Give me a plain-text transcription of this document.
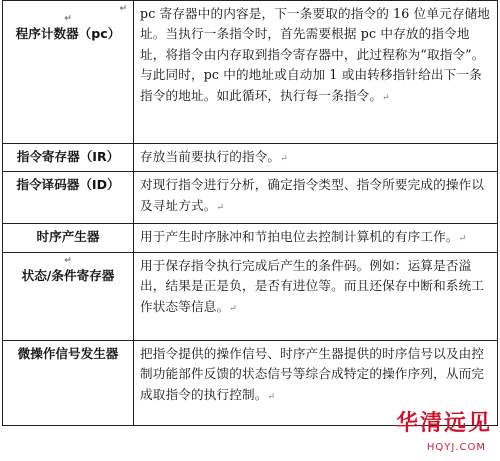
↵
↵
程序计数器（pc）	pc 寄存器中的内容是，下一条要取的指令的 16 位单元存储地址。当执行一条指令时，首先需要根据 pc 中存放的指令地址，将指令由内存取到指令寄存器中，此过程称为“取指令”。与此同时，pc 中的地址或自动加 1 或由转移指针给出下一条指令的地址。如此循环，执行每一条指令。↵
指令寄存器（IR）	存放当前要执行的指令。↵
指令译码器（ID）	对现行指令进行分析，确定指令类型、指令所要完成的操作以及寻址方式。↵
时序产生器	用于产生时序脉冲和节拍电位去控制计算机的有序工作。↵

↵
状态/条件寄存器	用于保存指令执行完成后产生的条件码。例如：运算是否溢出，结果是正是负，是否有进位等。而且还保存中断和系统工作状态等信息。↵
微操作信号发生器	把指令提供的操作信号、时序产生器提供的时序信号以及由控制功能部件反馈的状态信号等综合成特定的操作序列，从而完成取指令的执行控制。↵
华清远见
HQYJ.COM
